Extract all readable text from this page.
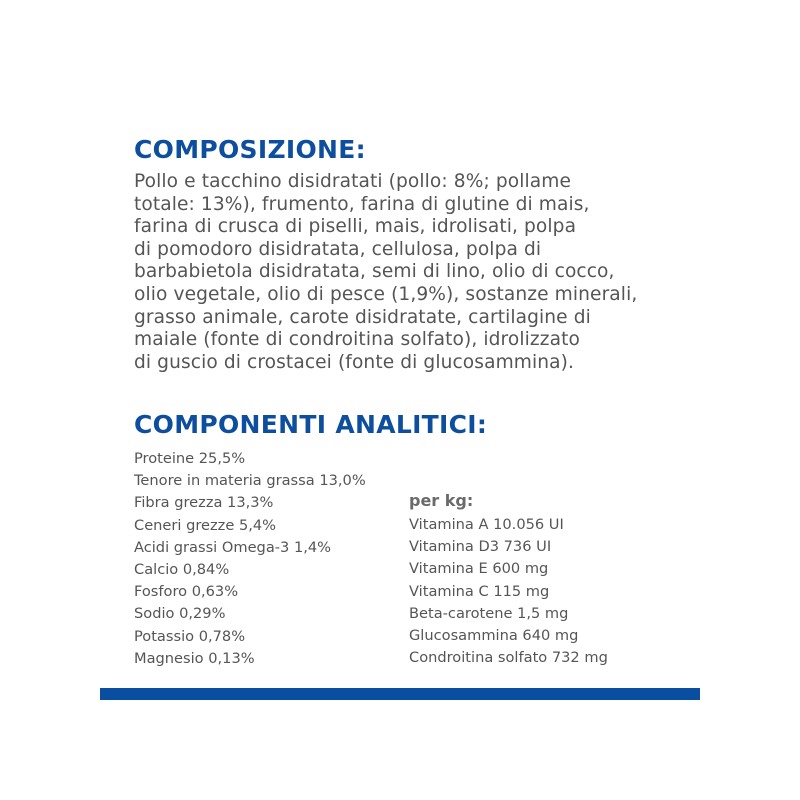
COMPOSIZIONE:
Pollo e tacchino disidratati (pollo: 8%; pollame
totale: 13%), frumento, farina di glutine di mais,
farina di crusca di piselli, mais, idrolisati, polpa
di pomodoro disidratata, cellulosa, polpa di
barbabietola disidratata, semi di lino, olio di cocco,
olio vegetale, olio di pesce (1,9%), sostanze minerali,
grasso animale, carote disidratate, cartilagine di
maiale (fonte di condroitina solfato), idrolizzato
di guscio di crostacei (fonte di glucosammina).
COMPONENTI ANALITICI:
Proteine 25,5%
Tenore in materia grassa 13,0%
Fibra grezza 13,3%
Ceneri grezze 5,4%
Acidi grassi Omega-3 1,4%
Calcio 0,84%
Fosforo 0,63%
Sodio 0,29%
Potassio 0,78%
Magnesio 0,13%

per kg:

Vitamina A 10.056 UI
Vitamina D3 736 UI
Vitamina E 600 mg
Vitamina C 115 mg
Beta-carotene 1,5 mg
Glucosammina 640 mg
Condroitina solfato 732 mg
